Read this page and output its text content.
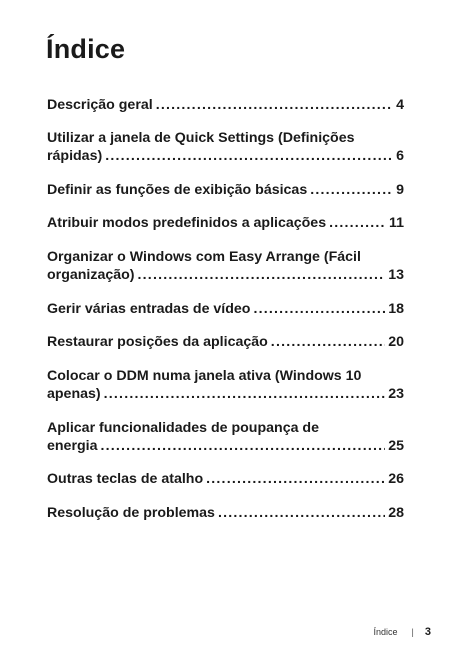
Índice
Descrição geral .....	4
Utilizar a janela de Quick Settings (Definições
rápidas) .....	6
Definir as funções de exibição básicas .....	9
Atribuir modos predefinidos a aplicações .....	11
Organizar o Windows com Easy Arrange (Fácil
organização) .....	13
Gerir várias entradas de vídeo .....	18
Restaurar posições da aplicação .....	20
Colocar o DDM numa janela ativa (Windows 10
apenas) .....	23
Aplicar funcionalidades de poupança de
energia .....	25
Outras teclas de atalho .....	26
Resolução de problemas .....	28
Índice | 3
